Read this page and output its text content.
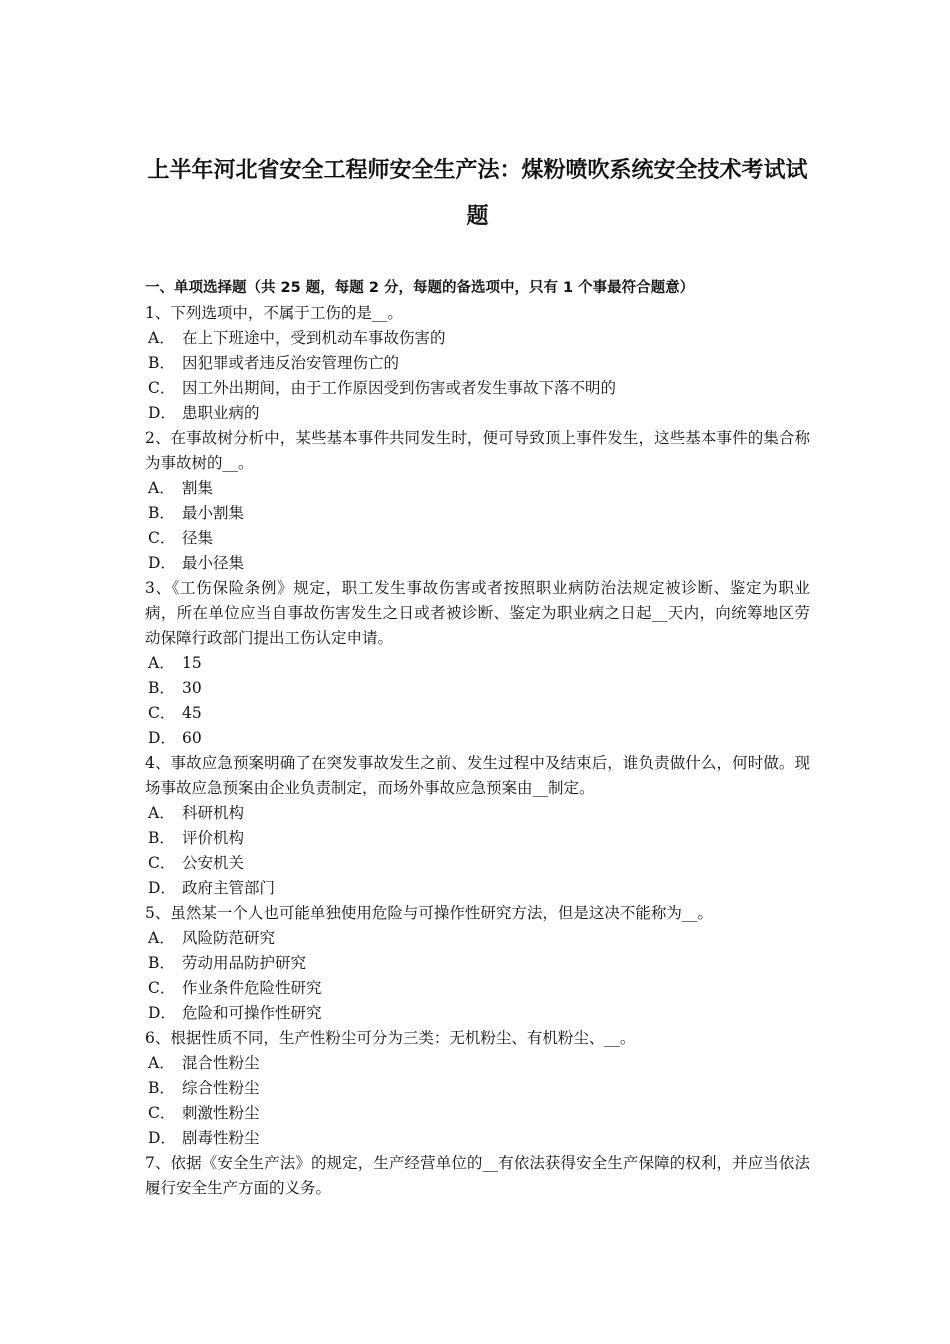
上半年河北省安全工程师安全生产法：煤粉喷吹系统安全技术考试试题

一、单项选择题（共 25 题，每题 2 分，每题的备选项中，只有 1 个事最符合题意）

1、下列选项中，不属于工伤的是__。

A． 在上下班途中，受到机动车事故伤害的
B． 因犯罪或者违反治安管理伤亡的
C． 因工外出期间，由于工作原因受到伤害或者发生事故下落不明的
D． 患职业病的

2、在事故树分析中，某些基本事件共同发生时，便可导致顶上事件发生，这些基本事件的集合称为事故树的__。

A． 割集
B． 最小割集
C． 径集
D． 最小径集

3、《工伤保险条例》规定，职工发生事故伤害或者按照职业病防治法规定被诊断、鉴定为职业病，所在单位应当自事故伤害发生之日或者被诊断、鉴定为职业病之日起__天内，向统筹地区劳动保障行政部门提出工伤认定申请。

A． 15
B． 30
C． 45
D． 60

4、事故应急预案明确了在突发事故发生之前、发生过程中及结束后，谁负责做什么，何时做。现场事故应急预案由企业负责制定，而场外事故应急预案由__制定。

A． 科研机构
B． 评价机构
C． 公安机关
D． 政府主管部门

5、虽然某一个人也可能单独使用危险与可操作性研究方法，但是这决不能称为__。

A． 风险防范研究
B． 劳动用品防护研究
C． 作业条件危险性研究
D． 危险和可操作性研究

6、根据性质不同，生产性粉尘可分为三类：无机粉尘、有机粉尘、__。

A． 混合性粉尘
B． 综合性粉尘
C． 刺激性粉尘
D． 剧毒性粉尘

7、依据《安全生产法》的规定，生产经营单位的__有依法获得安全生产保障的权利，并应当依法履行安全生产方面的义务。
